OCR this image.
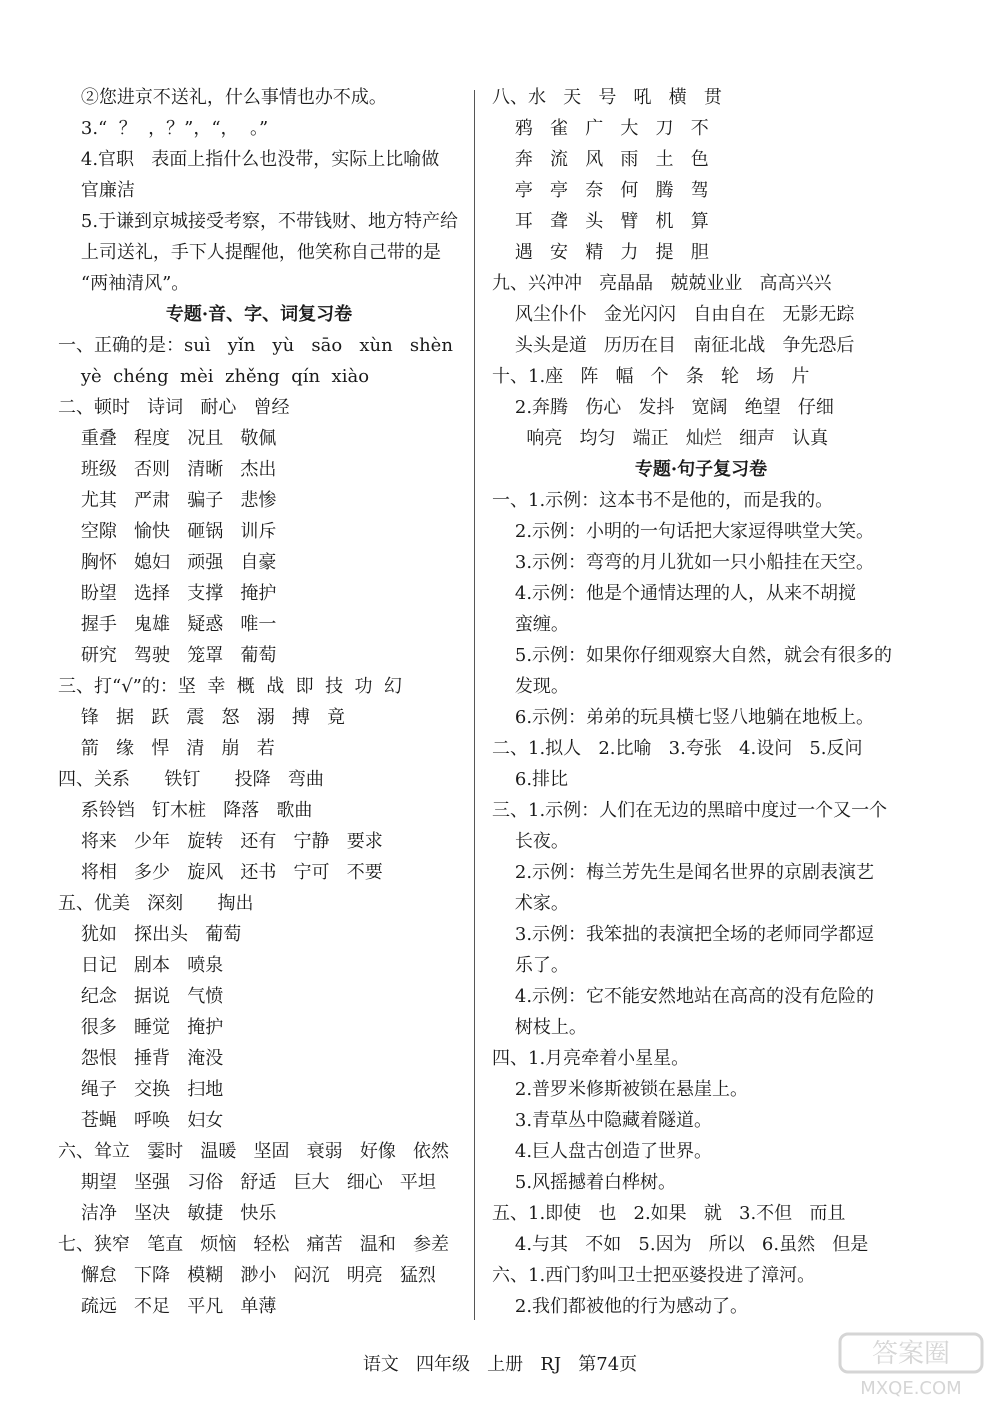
②您进京不送礼，什么事情也办不成。
3.“  ？  ，？”，“，  。”
4.官职   表面上指什么也没带，实际上比喻做
官廉洁
5.于谦到京城接受考察，不带钱财、地方特产给
上司送礼，手下人提醒他，他笑称自己带的是
“两袖清风”。
专题·音、字、词复习卷
一、正确的是：suì   yǐn   yù   sāo   xùn   shèn
yè  chéng  mèi  zhěng  qín  xiào
二、顿时   诗词   耐心   曾经
重叠   程度   况且   敬佩
班级   否则   清晰   杰出
尤其   严肃   骗子   悲惨
空隙   愉快   砸锅   训斥
胸怀   媳妇   顽强   自豪
盼望   选择   支撑   掩护
握手   鬼雄   疑惑   唯一
研究   驾驶   笼罩   葡萄
三、打“√”的：坚  幸  概  战  即  技  功  幻
锋   据   跃   震   怒   溺   搏   竟
箭   缘   悍   清   崩   若
四、关系      铁钉      投降   弯曲
系铃铛   钉木桩   降落   歌曲
将来   少年   旋转   还有   宁静   要求
将相   多少   旋风   还书   宁可   不要
五、优美   深刻      掏出
犹如   探出头   葡萄
日记   剧本   喷泉
纪念   据说   气愤
很多   睡觉   掩护
怨恨   捶背   淹没
绳子   交换   扫地
苍蝇   呼唤   妇女
六、耸立   霎时   温暖   坚固   衰弱   好像   依然
期望   坚强   习俗   舒适   巨大   细心   平坦
洁净   坚决   敏捷   快乐
七、狭窄   笔直   烦恼   轻松   痛苦   温和   参差
懈怠   下降   模糊   渺小   闷沉   明亮   猛烈
疏远   不足   平凡   单薄
八、水   天   号   吼   横   贯
鸦   雀   广   大   刀   不
奔   流   风   雨   土   色
亭   亭   奈   何   腾   驾
耳   聋   头   臂   机   算
遇   安   精   力   提   胆
九、兴冲冲   亮晶晶   兢兢业业   高高兴兴
风尘仆仆   金光闪闪   自由自在   无影无踪
头头是道   历历在目   南征北战   争先恐后
十、1.座   阵   幅   个   条   轮   场   片
2.奔腾   伤心   发抖   宽阔   绝望   仔细
响亮   均匀   端正   灿烂   细声   认真
专题·句子复习卷
一、1.示例：这本书不是他的，而是我的。
2.示例：小明的一句话把大家逗得哄堂大笑。
3.示例：弯弯的月儿犹如一只小船挂在天空。
4.示例：他是个通情达理的人，从来不胡搅
蛮缠。
5.示例：如果你仔细观察大自然，就会有很多的
发现。
6.示例：弟弟的玩具横七竖八地躺在地板上。
二、1.拟人   2.比喻   3.夸张   4.设问   5.反问
6.排比
三、1.示例：人们在无边的黑暗中度过一个又一个
长夜。
2.示例：梅兰芳先生是闻名世界的京剧表演艺
术家。
3.示例：我笨拙的表演把全场的老师同学都逗
乐了。
4.示例：它不能安然地站在高高的没有危险的
树枝上。
四、1.月亮牵着小星星。
2.普罗米修斯被锁在悬崖上。
3.青草丛中隐藏着隧道。
4.巨人盘古创造了世界。
5.风摇撼着白桦树。
五、1.即使   也   2.如果   就   3.不但   而且
4.与其   不如   5.因为   所以   6.虽然   但是
六、1.西门豹叫卫士把巫婆投进了漳河。
2.我们都被他的行为感动了。
语文   四年级   上册   RJ   第74页	答案圈
MXQE.COM
